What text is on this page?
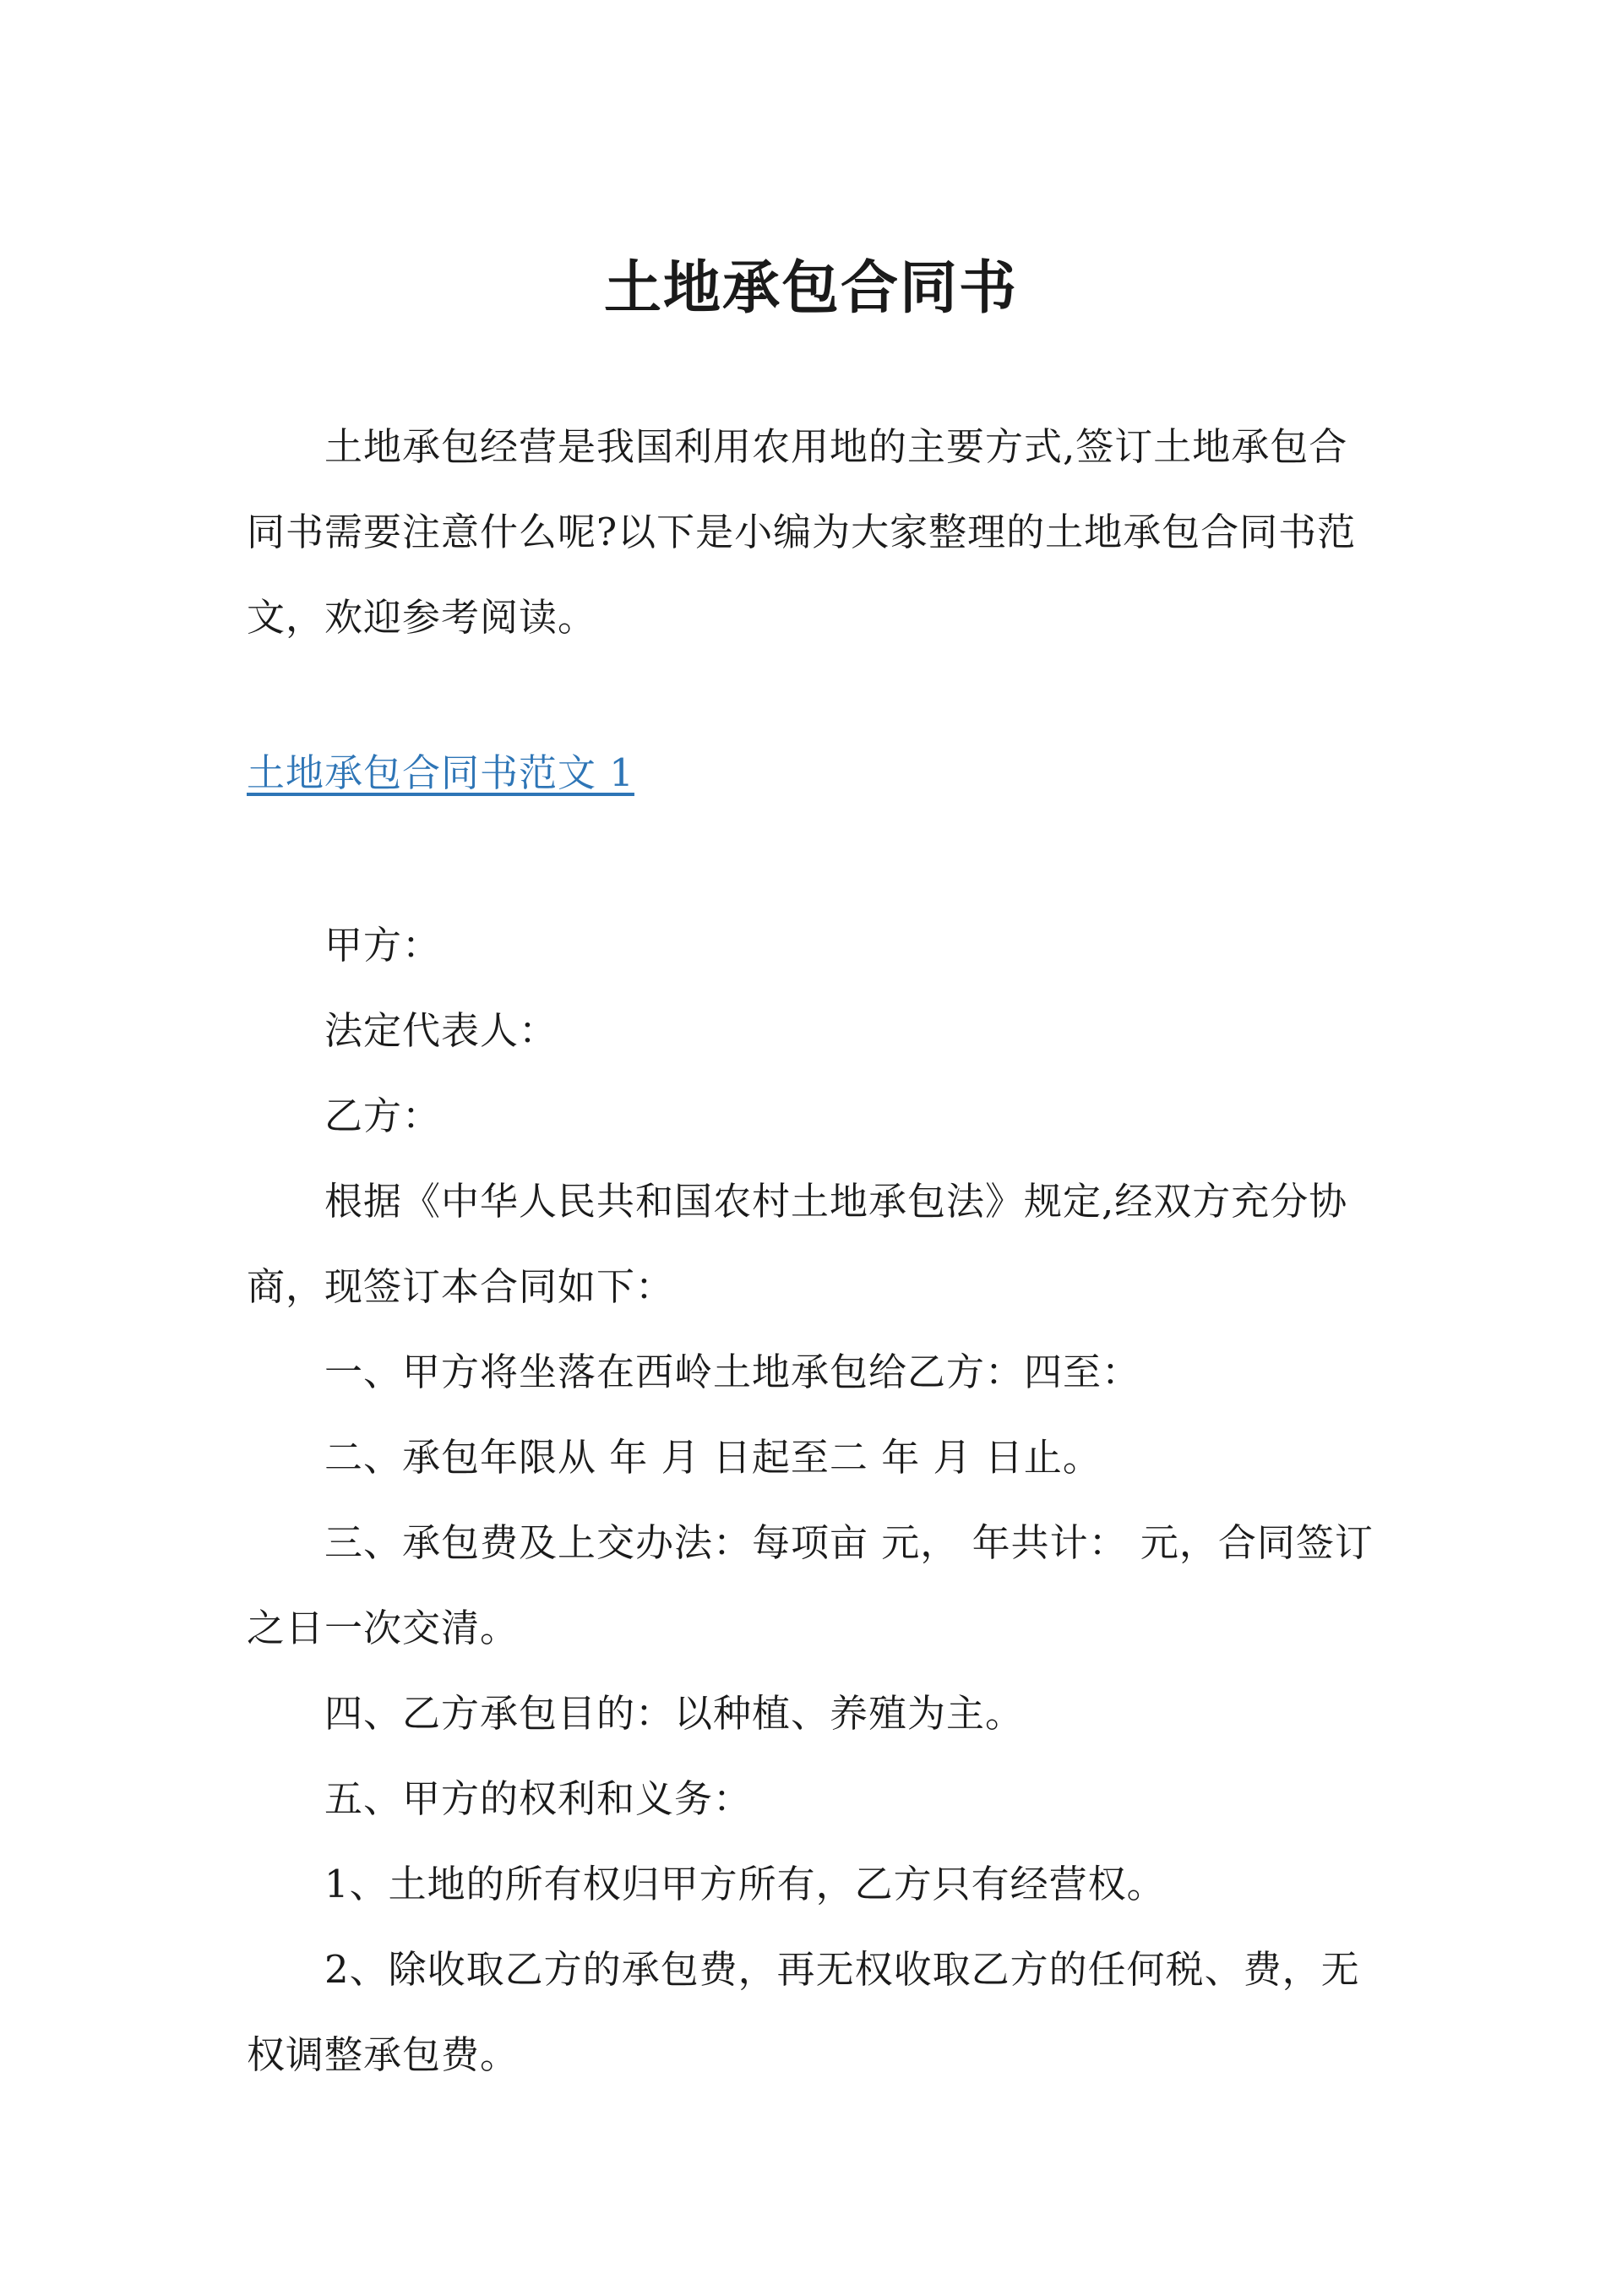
土地承包合同书

土地承包经营是我国利用农用地的主要方式,签订土地承包合同书需要注意什么呢?以下是小编为大家整理的土地承包合同书范文，欢迎参考阅读。

土地承包合同书范文 1

甲方：

法定代表人：

乙方：

根据《中华人民共和国农村土地承包法》规定,经双方充分协商，现签订本合同如下：

一、甲方将坐落在西岭土地承包给乙方：四至：

二、承包年限从 年 月 日起至二 年 月 日止。

三、承包费及上交办法：每项亩 元， 年共计： 元，合同签订之日一次交清。

四、乙方承包目的：以种植、养殖为主。

五、甲方的权利和义务：

1、土地的所有权归甲方所有，乙方只有经营权。

2、除收取乙方的承包费，再无权收取乙方的任何税、费，无权调整承包费。
